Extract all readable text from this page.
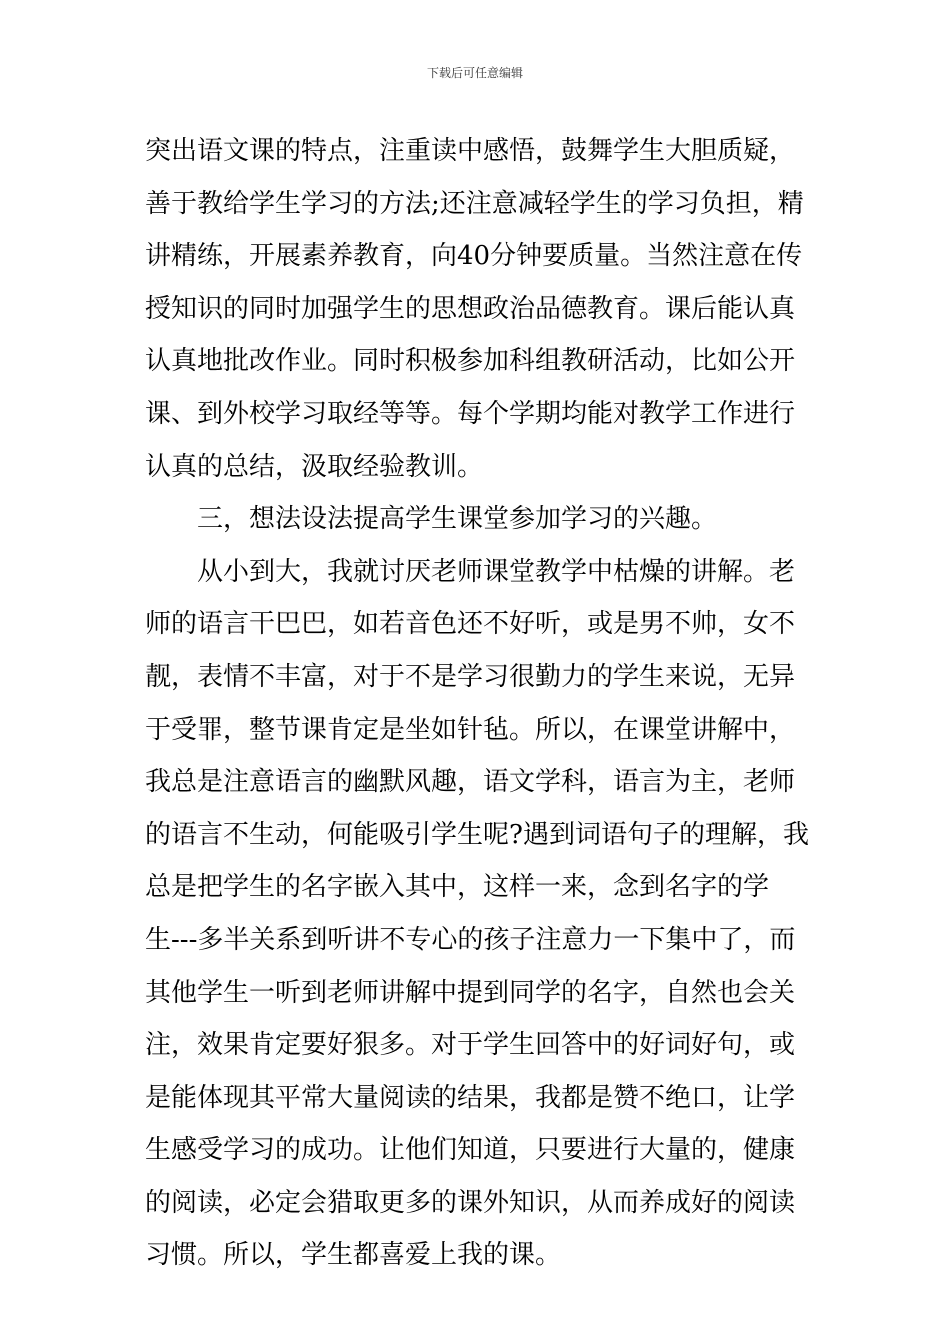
下载后可任意编辑
突出语文课的特点，注重读中感悟，鼓舞学生大胆质疑，
善于教给学生学习的方法;还注意减轻学生的学习负担，精
讲精练，开展素养教育，向40分钟要质量。当然注意在传
授知识的同时加强学生的思想政治品德教育。课后能认真
认真地批改作业。同时积极参加科组教研活动，比如公开
课、到外校学习取经等等。每个学期均能对教学工作进行
认真的总结，汲取经验教训。
三，想法设法提高学生课堂参加学习的兴趣。
从小到大，我就讨厌老师课堂教学中枯燥的讲解。老
师的语言干巴巴，如若音色还不好听，或是男不帅，女不
靓，表情不丰富，对于不是学习很勤力的学生来说，无异
于受罪，整节课肯定是坐如针毡。所以，在课堂讲解中，
我总是注意语言的幽默风趣，语文学科，语言为主，老师
的语言不生动，何能吸引学生呢?遇到词语句子的理解，我
总是把学生的名字嵌入其中，这样一来，念到名字的学
生---多半关系到听讲不专心的孩子注意力一下集中了，而
其他学生一听到老师讲解中提到同学的名字，自然也会关
注，效果肯定要好狠多。对于学生回答中的好词好句，或
是能体现其平常大量阅读的结果，我都是赞不绝口，让学
生感受学习的成功。让他们知道，只要进行大量的，健康
的阅读，必定会猎取更多的课外知识，从而养成好的阅读
习惯。所以，学生都喜爱上我的课。
